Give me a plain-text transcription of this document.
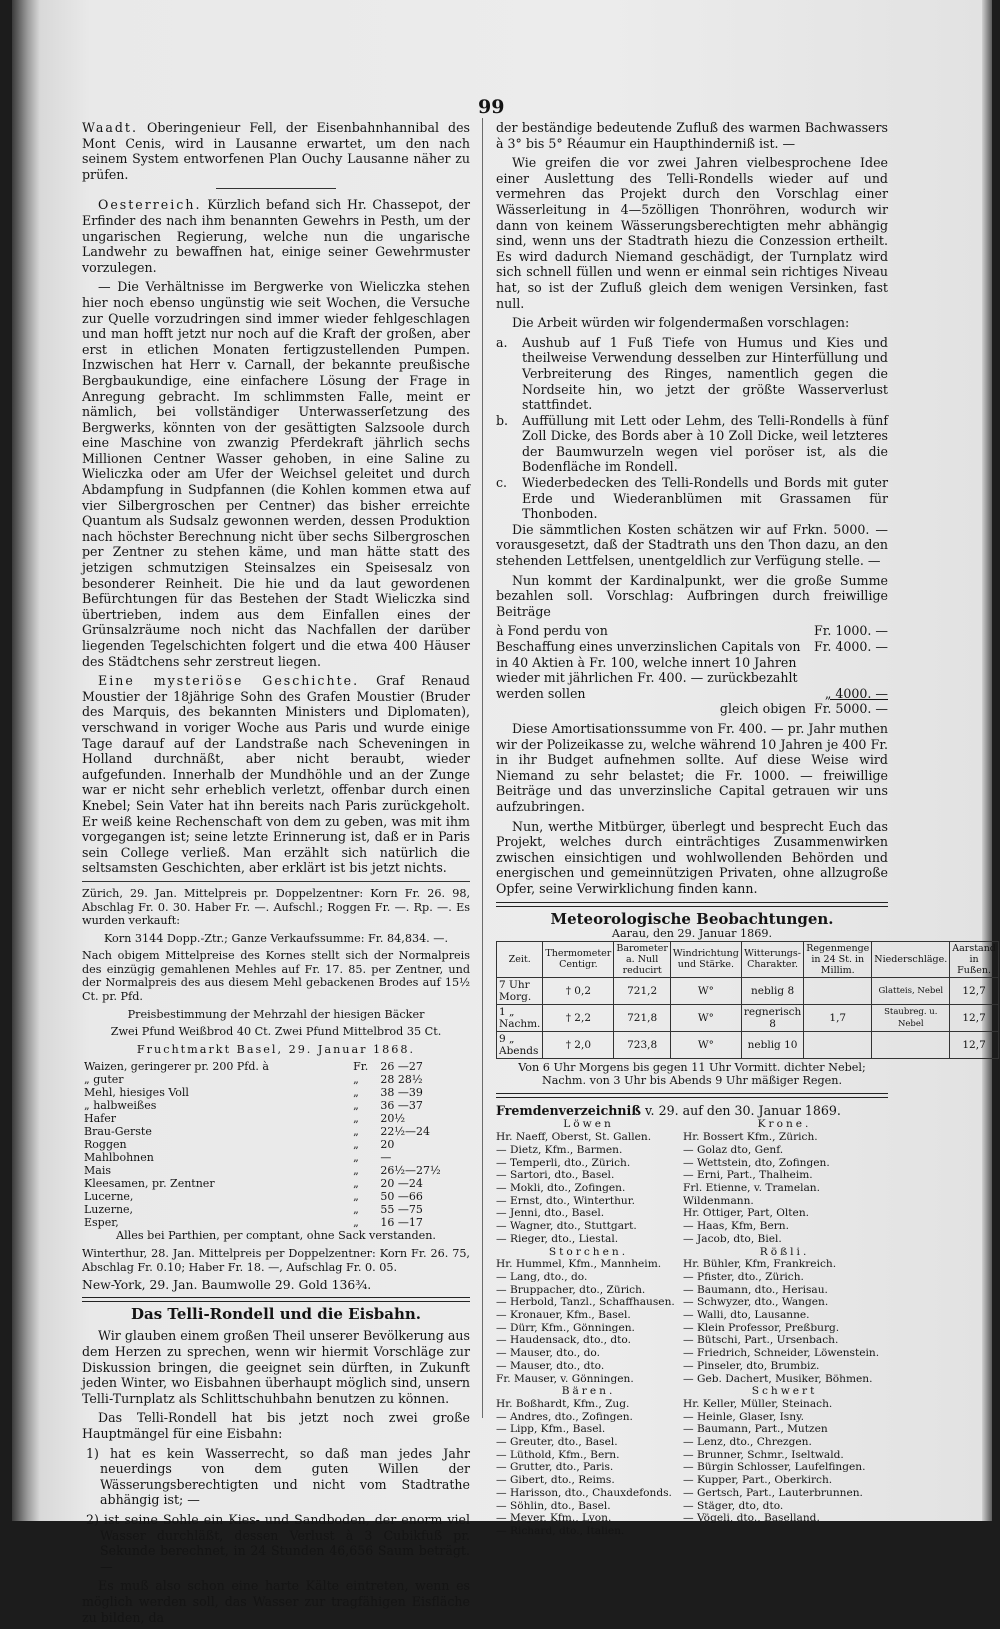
99

Waadt. Oberingenieur Fell, der Eisenbahnhannibal des Mont Cenis, wird in Lausanne erwartet, um den nach seinem System entworfenen Plan Ouchy Lausanne näher zu prüfen.

Oesterreich. Kürzlich befand sich Hr. Chassepot, der Erfinder des nach ihm benannten Gewehrs in Pesth, um der ungarischen Regierung, welche nun die ungarische Landwehr zu bewaffnen hat, einige seiner Gewehrmuster vorzulegen.

— Die Verhältnisse im Bergwerke von Wieliczka stehen hier noch ebenso ungünstig wie seit Wochen, die Versuche zur Quelle vorzudringen sind immer wieder fehlgeschlagen und man hofft jetzt nur noch auf die Kraft der großen, aber erst in etlichen Monaten fertigzustellenden Pumpen. Inzwischen hat Herr v. Carnall, der bekannte preußische Bergbaukundige, eine einfachere Lösung der Frage in Anregung gebracht. Im schlimmsten Falle, meint er nämlich, bei vollständiger Unterwasserſetzung des Bergwerks, könnten von der gesättigten Salzsoole durch eine Maschine von zwanzig Pferdekraft jährlich sechs Millionen Centner Wasser gehoben, in eine Saline zu Wieliczka oder am Ufer der Weichsel geleitet und durch Abdampfung in Sudpfannen (die Kohlen kommen etwa auf vier Silbergroschen per Centner) das bisher erreichte Quantum als Sudsalz gewonnen werden, dessen Produktion nach höchster Berechnung nicht über sechs Silbergroschen per Zentner zu stehen käme, und man hätte statt des jetzigen schmutzigen Steinsalzes ein Speisesalz von besonderer Reinheit. Die hie und da laut gewordenen Befürchtungen für das Bestehen der Stadt Wieliczka sind übertrieben, indem aus dem Einfallen eines der Grünsalzräume noch nicht das Nachfallen der darüber liegenden Tegelschichten folgert und die etwa 400 Häuser des Städtchens sehr zerstreut liegen.

Eine mysteriöse Geschichte. Graf Renaud Moustier der 18jährige Sohn des Grafen Moustier (Bruder des Marquis, des bekannten Ministers und Diplomaten), verschwand in voriger Woche aus Paris und wurde einige Tage darauf auf der Landstraße nach Scheveningen in Holland durchnäßt, aber nicht beraubt, wieder aufgefunden. Innerhalb der Mundhöhle und an der Zunge war er nicht sehr erheblich verletzt, offenbar durch einen Knebel; Sein Vater hat ihn bereits nach Paris zurückgeholt. Er weiß keine Rechenschaft von dem zu geben, was mit ihm vorgegangen ist; seine letzte Erinnerung ist, daß er in Paris sein College verließ. Man erzählt sich natürlich die seltsamsten Geschichten, aber erklärt ist bis jetzt nichts.

Zürich, 29. Jan. Mittelpreis pr. Doppelzentner: Korn Fr. 26. 98, Abschlag Fr. 0. 30. Haber Fr. —. Aufschl.; Roggen Fr. —. Rp. —. Es wurden verkauft:

Korn 3144 Dopp.-Ztr.; Ganze Verkaufssumme: Fr. 84,834. —.

Nach obigem Mittelpreise des Kornes stellt sich der Normalpreis des einzügig gemahlenen Mehles auf Fr. 17. 85. per Zentner, und der Normalpreis des aus diesem Mehl gebackenen Brodes auf 15½ Ct. pr. Pfd.

Preisbestimmung der Mehrzahl der hiesigen Bäcker

Zwei Pfund Weißbrod 40 Ct. Zwei Pfund Mittelbrod 35 Ct.

Fruchtmarkt Basel, 29. Januar 1868.

Waizen, geringerer pr. 200 Pfd. à	Fr.	26 —27
„ guter	„	28 28½
Mehl, hiesiges Voll	„	38 —39
„ halbweißes	„	36 —37
Hafer	„	20½
Brau-Gerste	„	22½—24
Roggen	„	20
Mahlbohnen	„	—
Mais	„	26½—27½
Kleesamen, pr. Zentner	„	20 —24
Lucerne,	„	50 —66
Luzerne,	„	55 —75
Esper,	„	16 —17

Alles bei Parthien, per comptant, ohne Sack verstanden.

Winterthur, 28. Jan. Mittelpreis per Doppelzentner: Korn Fr. 26. 75, Abschlag Fr. 0.10; Haber Fr. 18. —, Aufschlag Fr. 0. 05.

New-York, 29. Jan. Baumwolle 29. Gold 136¾.

Das Telli-Rondell und die Eisbahn.

Wir glauben einem großen Theil unserer Bevölkerung aus dem Herzen zu sprechen, wenn wir hiermit Vorschläge zur Diskussion bringen, die geeignet sein dürften, in Zukunft jeden Winter, wo Eisbahnen überhaupt möglich sind, unsern Telli-Turnplatz als Schlittschuhbahn benutzen zu können.

Das Telli-Rondell hat bis jetzt noch zwei große Hauptmängel für eine Eisbahn:

1) hat es kein Wasserrecht, so daß man jedes Jahr neuerdings von dem guten Willen der Wässerungsberechtigten und nicht vom Stadtrathe abhängig ist; —

2) ist seine Sohle ein Kies- und Sandboden, der enorm viel Wasser durchläßt, dessen Verlust à 3 Cubikfuß pr. Sekunde berechnet, in 24 Stunden 46,656 Saum beträgt. —

Es muß also schon eine harte Kälte eintreten, wenn es möglich werden soll, das Wasser zur tragfähigen Eisfläche zu bilden, da

der beständige bedeutende Zufluß des warmen Bachwassers à 3° bis 5° Réaumur ein Haupthinderniß ist. —

Wie greifen die vor zwei Jahren vielbesprochene Idee einer Auslettung des Telli-Rondells wieder auf und vermehren das Projekt durch den Vorschlag einer Wässerleitung in 4—5zölligen Thonröhren, wodurch wir dann von keinem Wässerungsberechtigten mehr abhängig sind, wenn uns der Stadtrath hiezu die Conzession ertheilt. Es wird dadurch Niemand geschädigt, der Turnplatz wird sich schnell füllen und wenn er einmal sein richtiges Niveau hat, so ist der Zufluß gleich dem wenigen Versinken, fast null.

Die Arbeit würden wir folgendermaßen vorschlagen:

a.	Aushub auf 1 Fuß Tiefe von Humus und Kies und theilweise Verwendung desselben zur Hinterfüllung und Verbreiterung des Ringes, namentlich gegen die Nordseite hin, wo jetzt der größte Wasserverlust stattfindet.
b.	Auffüllung mit Lett oder Lehm, des Telli-Rondells à fünf Zoll Dicke, des Bords aber à 10 Zoll Dicke, weil letzteres der Baumwurzeln wegen viel poröser ist, als die Bodenfläche im Rondell.
c.	Wiederbedecken des Telli-Rondells und Bords mit guter Erde und Wiederanblümen mit Grassamen für Thonboden.

Die sämmtlichen Kosten schätzen wir auf Frkn. 5000. — vorausgesetzt, daß der Stadtrath uns den Thon dazu, an den stehenden Lettfelsen, unentgeldlich zur Verfügung stelle. —

Nun kommt der Kardinalpunkt, wer die große Summe bezahlen soll. Vorschlag: Aufbringen durch freiwillige Beiträge

à Fond perdu von	Fr. 1000. —
Beschaffung eines unverzinslichen Capitals von	Fr. 4000. —
in 40 Aktien à Fr. 100, welche innert 10 Jahren wieder mit jährlichen Fr. 400. — zurückbezahlt werden sollen	„ 4000. —
gleich obigen	Fr. 5000. —

Diese Amortisationssumme von Fr. 400. — pr. Jahr muthen wir der Polizeikasse zu, welche während 10 Jahren je 400 Fr. in ihr Budget aufnehmen sollte. Auf diese Weise wird Niemand zu sehr belastet; die Fr. 1000. — freiwillige Beiträge und das unverzinsliche Capital getrauen wir uns aufzubringen.

Nun, werthe Mitbürger, überlegt und besprecht Euch das Projekt, welches durch einträchtiges Zusammenwirken zwischen einsichtigen und wohlwollenden Behörden und energischen und gemeinnützigen Privaten, ohne allzugroße Opfer, seine Verwirklichung finden kann.

Meteorologische Beobachtungen.
Aarau, den 29. Januar 1869.
Zeit.	Thermometer Centigr.	Barometer a. Null reducirt	Windrichtung und Stärke.	Witterungs-Charakter.	Regenmenge in 24 St. in Millim.	Niederschläge.	Aarstand in Fußen.
7 Uhr Morg.	† 0,2	721,2	W°	neblig 8		Glatteis, Nebel	12,7
1 „ Nachm.	† 2,2	721,8	W°	regnerisch 8	1,7	Staubreg. u. Nebel	12,7
9 „ Abends	† 2,0	723,8	W°	neblig 10			12,7
Von 6 Uhr Morgens bis gegen 11 Uhr Vormitt. dichter Nebel; Nachm. von 3 Uhr bis Abends 9 Uhr mäßiger Regen.
Fremdenverzeichniß v. 29. auf den 30. Januar 1869.
Löwen	Krone.
Hr. Naeff, Oberst, St. Gallen.	Hr. Bossert Kfm., Zürich.
— Dietz, Kfm., Barmen.	— Golaz dto, Genf.
— Temperli, dto., Zürich.	— Wettstein, dto, Zofingen.
— Sartori, dto., Basel.	— Erni, Part., Thalheim.
— Mokli, dto., Zofingen.	Frl. Etienne, v. Tramelan.
— Ernst, dto., Winterthur.	Wildenmann.
— Jenni, dto., Basel.	Hr. Ottiger, Part, Olten.
— Wagner, dto., Stuttgart.	— Haas, Kfm, Bern.
— Rieger, dto., Liestal.	— Jacob, dto, Biel.
Storchen.	Rößli.
Hr. Hummel, Kfm., Mannheim.	Hr. Bühler, Kfm, Frankreich.
— Lang, dto., do.	— Pfister, dto., Zürich.
— Bruppacher, dto., Zürich.	— Baumann, dto., Herisau.
— Herbold, Tanzl., Schaffhausen.	— Schwyzer, dto., Wangen.
— Kronauer, Kfm., Basel.	— Walli, dto, Lausanne.
— Dürr, Kfm., Gönningen.	— Klein Professor, Preßburg.
— Haudensack, dto., dto.	— Bütschi, Part., Ursenbach.
— Mauser, dto., do.	— Friedrich, Schneider, Löwenstein.
— Mauser, dto., dto.	— Pinseler, dto, Brumbiz.
Fr. Mauser, v. Gönningen.	— Geb. Dachert, Musiker, Böhmen.
Bären.	Schwert
Hr. Boßhardt, Kfm., Zug.	Hr. Keller, Müller, Steinach.
— Andres, dto., Zofingen.	— Heinle, Glaser, Isny.
— Lipp, Kfm., Basel.	— Baumann, Part., Mutzen
— Greuter, dto., Basel.	— Lenz, dto., Chrezgen.
— Lüthold, Kfm., Bern.	— Brunner, Schmr., Iseltwald.
— Grutter, dto., Paris.	— Bürgin Schlosser, Laufelfingen.
— Gibert, dto., Reims.	— Kupper, Part., Oberkirch.
— Harisson, dto., Chauxdefonds.	— Gertsch, Part., Lauterbrunnen.
— Söhlin, dto., Basel.	— Stäger, dto, dto.
— Meyer, Kfm., Lyon.	— Vögeli, dto., Baselland.
— Richard, dto., Italien.	
